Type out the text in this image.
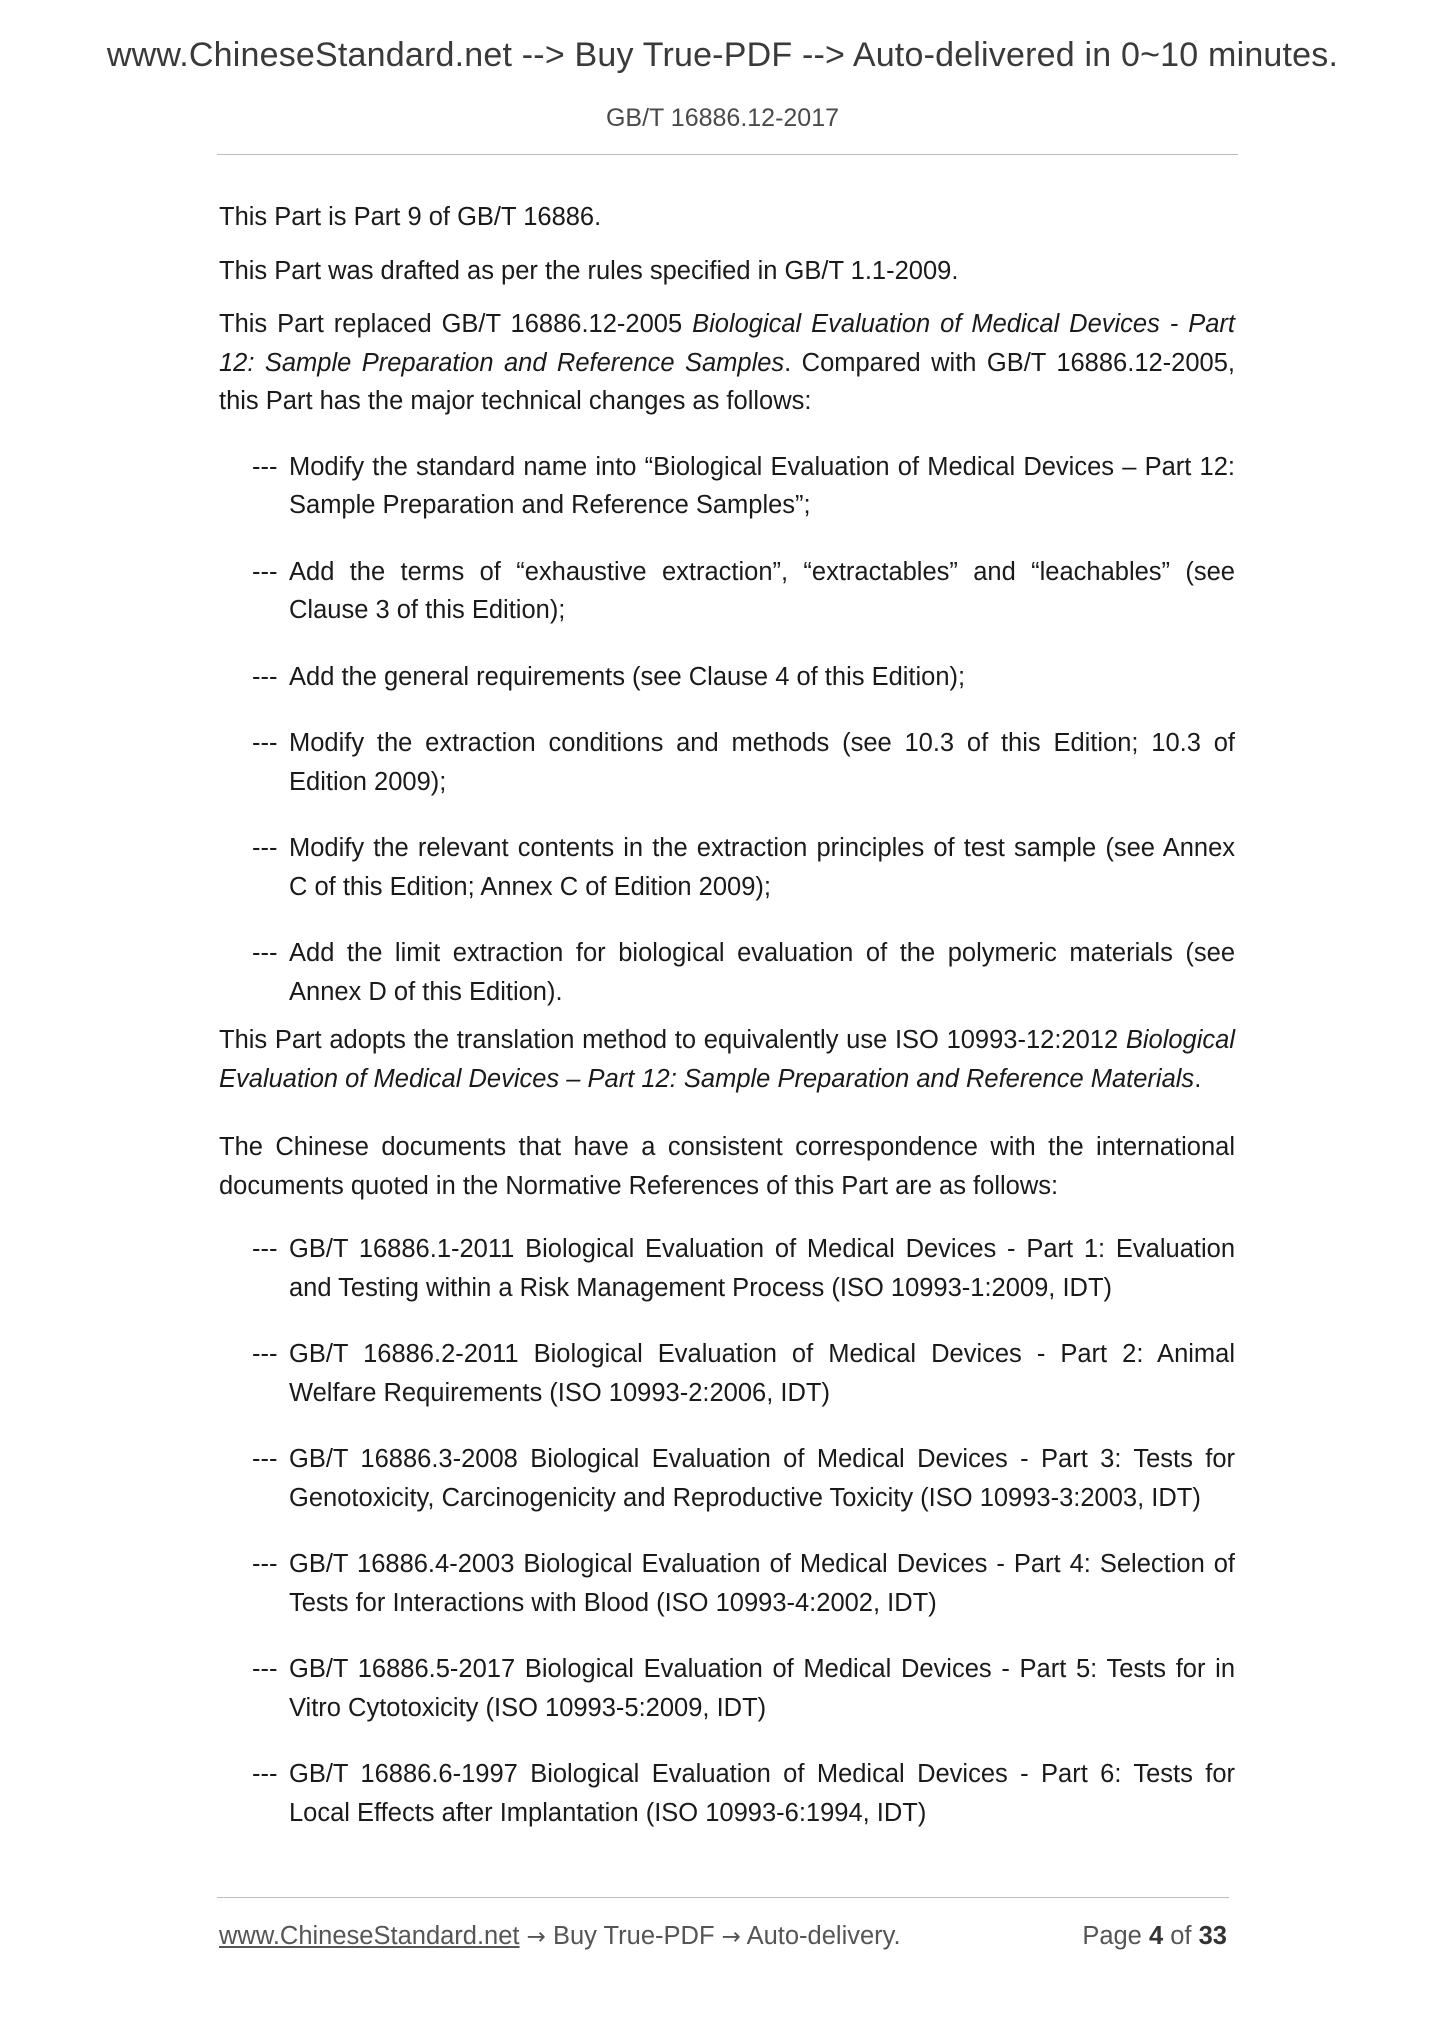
www.ChineseStandard.net --> Buy True-PDF --> Auto-delivered in 0~10 minutes.
GB/T 16886.12-2017

This Part is Part 9 of GB/T 16886.

This Part was drafted as per the rules specified in GB/T 1.1-2009.

This Part replaced GB/T 16886.12-2005 Biological Evaluation of Medical Devices - Part 12: Sample Preparation and Reference Samples. Compared with GB/T 16886.12-2005, this Part has the major technical changes as follows:

--- Modify the standard name into “Biological Evaluation of Medical Devices – Part 12: Sample Preparation and Reference Samples”;
--- Add the terms of “exhaustive extraction”, “extractables” and “leachables” (see Clause 3 of this Edition);
--- Add the general requirements (see Clause 4 of this Edition);
--- Modify the extraction conditions and methods (see 10.3 of this Edition; 10.3 of Edition 2009);
--- Modify the relevant contents in the extraction principles of test sample (see Annex C of this Edition; Annex C of Edition 2009);
--- Add the limit extraction for biological evaluation of the polymeric materials (see Annex D of this Edition).

This Part adopts the translation method to equivalently use ISO 10993-12:2012 Biological Evaluation of Medical Devices – Part 12: Sample Preparation and Reference Materials.

The Chinese documents that have a consistent correspondence with the international documents quoted in the Normative References of this Part are as follows:

--- GB/T 16886.1-2011 Biological Evaluation of Medical Devices - Part 1: Evaluation and Testing within a Risk Management Process (ISO 10993-1:2009, IDT)
--- GB/T 16886.2-2011 Biological Evaluation of Medical Devices - Part 2: Animal Welfare Requirements (ISO 10993-2:2006, IDT)
--- GB/T 16886.3-2008 Biological Evaluation of Medical Devices - Part 3: Tests for Genotoxicity, Carcinogenicity and Reproductive Toxicity (ISO 10993-3:2003, IDT)
--- GB/T 16886.4-2003 Biological Evaluation of Medical Devices - Part 4: Selection of Tests for Interactions with Blood (ISO 10993-4:2002, IDT)
--- GB/T 16886.5-2017 Biological Evaluation of Medical Devices - Part 5: Tests for in Vitro Cytotoxicity (ISO 10993-5:2009, IDT)
--- GB/T 16886.6-1997 Biological Evaluation of Medical Devices - Part 6: Tests for Local Effects after Implantation (ISO 10993-6:1994, IDT)
www.ChineseStandard.net → Buy True-PDF → Auto-delivery.	Page 4 of 33
